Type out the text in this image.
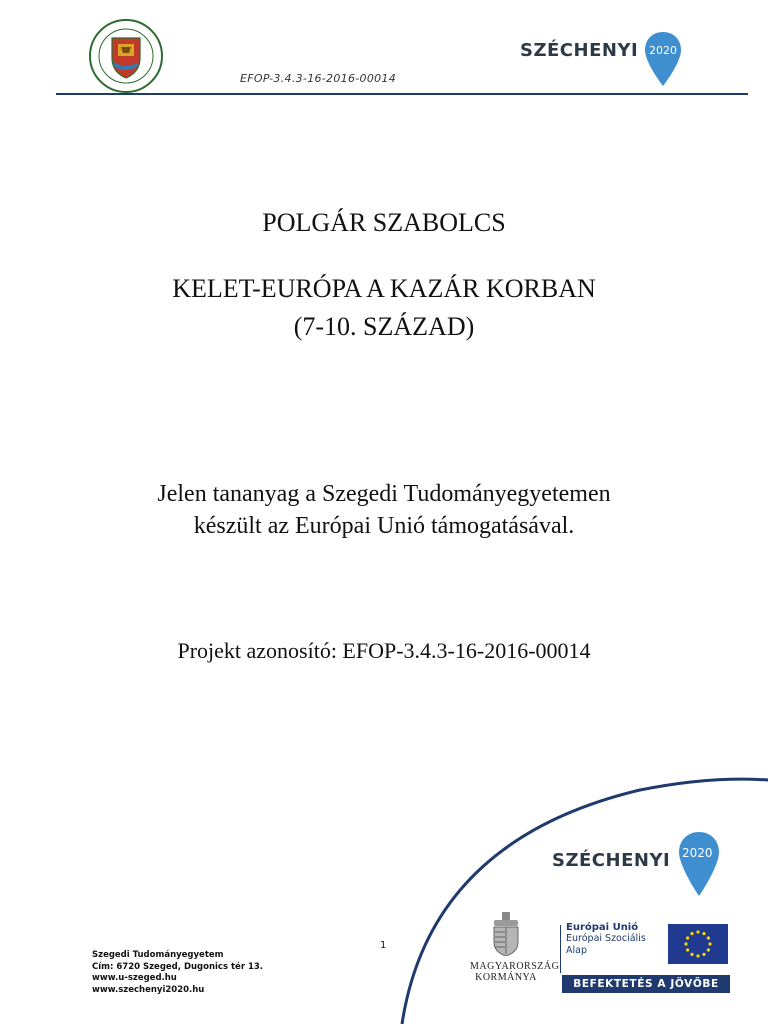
SZÉCHENYI 2020
EFOP-3.4.3-16-2016-00014
POLGÁR SZABOLCS
KELET-EURÓPA A KAZÁR KORBAN
(7-10. SZÁZAD)
Jelen tananyag a Szegedi Tudományegyetemen
készült az Európai Unió támogatásával.
Projekt azonosító: EFOP-3.4.3-16-2016-00014
SZÉCHENYI 2020
MAGYARORSZÁG
KORMÁNYA
Európai Unió
Európai Szociális
Alap
BEFEKTETÉS A JÖVŐBE
1
Szegedi Tudományegyetem
Cím: 6720 Szeged, Dugonics tér 13.
www.u-szeged.hu
www.szechenyi2020.hu
